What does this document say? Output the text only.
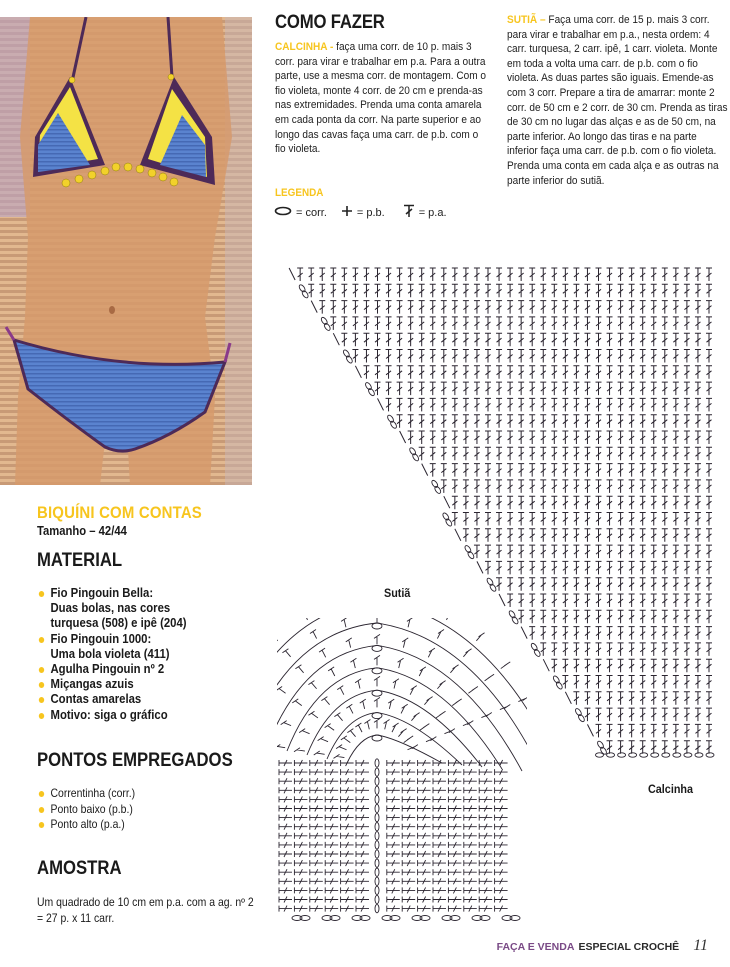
COMO FAZER
CALCINHA - faça uma corr. de 10 p. mais 3 corr. para virar e trabalhar em p.a. Para a outra parte, use a mesma corr. de montagem. Com o fio violeta, monte 4 corr. de 20 cm e prenda-as nas extremidades. Prenda uma conta amarela em cada ponta da corr. Na parte superior e ao longo das cavas faça uma carr. de p.b. com o fio violeta.
SUTIÃ – Faça uma corr. de 15 p. mais 3 corr. para virar e trabalhar em p.a., nesta ordem: 4 carr. turquesa, 2 carr. ipê, 1 carr. violeta. Monte em toda a volta uma carr. de p.b. com o fio violeta. As duas partes são iguais. Emende-as com 3 corr. Prepare a tira de amarrar: monte 2 corr. de 50 cm e 2 corr. de 30 cm. Prenda as tiras de 30 cm no lugar das alças e as de 50 cm, na parte inferior. Ao longo das tiras e na parte inferior faça uma carr. de p.b. com o fio violeta. Prenda uma conta em cada alça e as outras na parte inferior do sutiã.
LEGENDA
= corr.	= p.b.	= p.a.
BIQUÍNI COM CONTAS
Tamanho – 42/44
MATERIAL
Fio Pingouin Bella:
Duas bolas, nas cores
turquesa (508) e ipê (204)
Fio Pingouin 1000:
Uma bola violeta (411)
Agulha Pingouin nº 2
Miçangas azuis
Contas amarelas
Motivo: siga o gráfico
PONTOS EMPREGADOS
Correntinha (corr.)
Ponto baixo (p.b.)
Ponto alto (p.a.)
AMOSTRA
Um quadrado de 10 cm em p.a. com a ag. nº 2 = 27 p. x 11 carr.
Sutiã
Calcinha
FAÇA E VENDA ESPECIAL CROCHÊ 11
